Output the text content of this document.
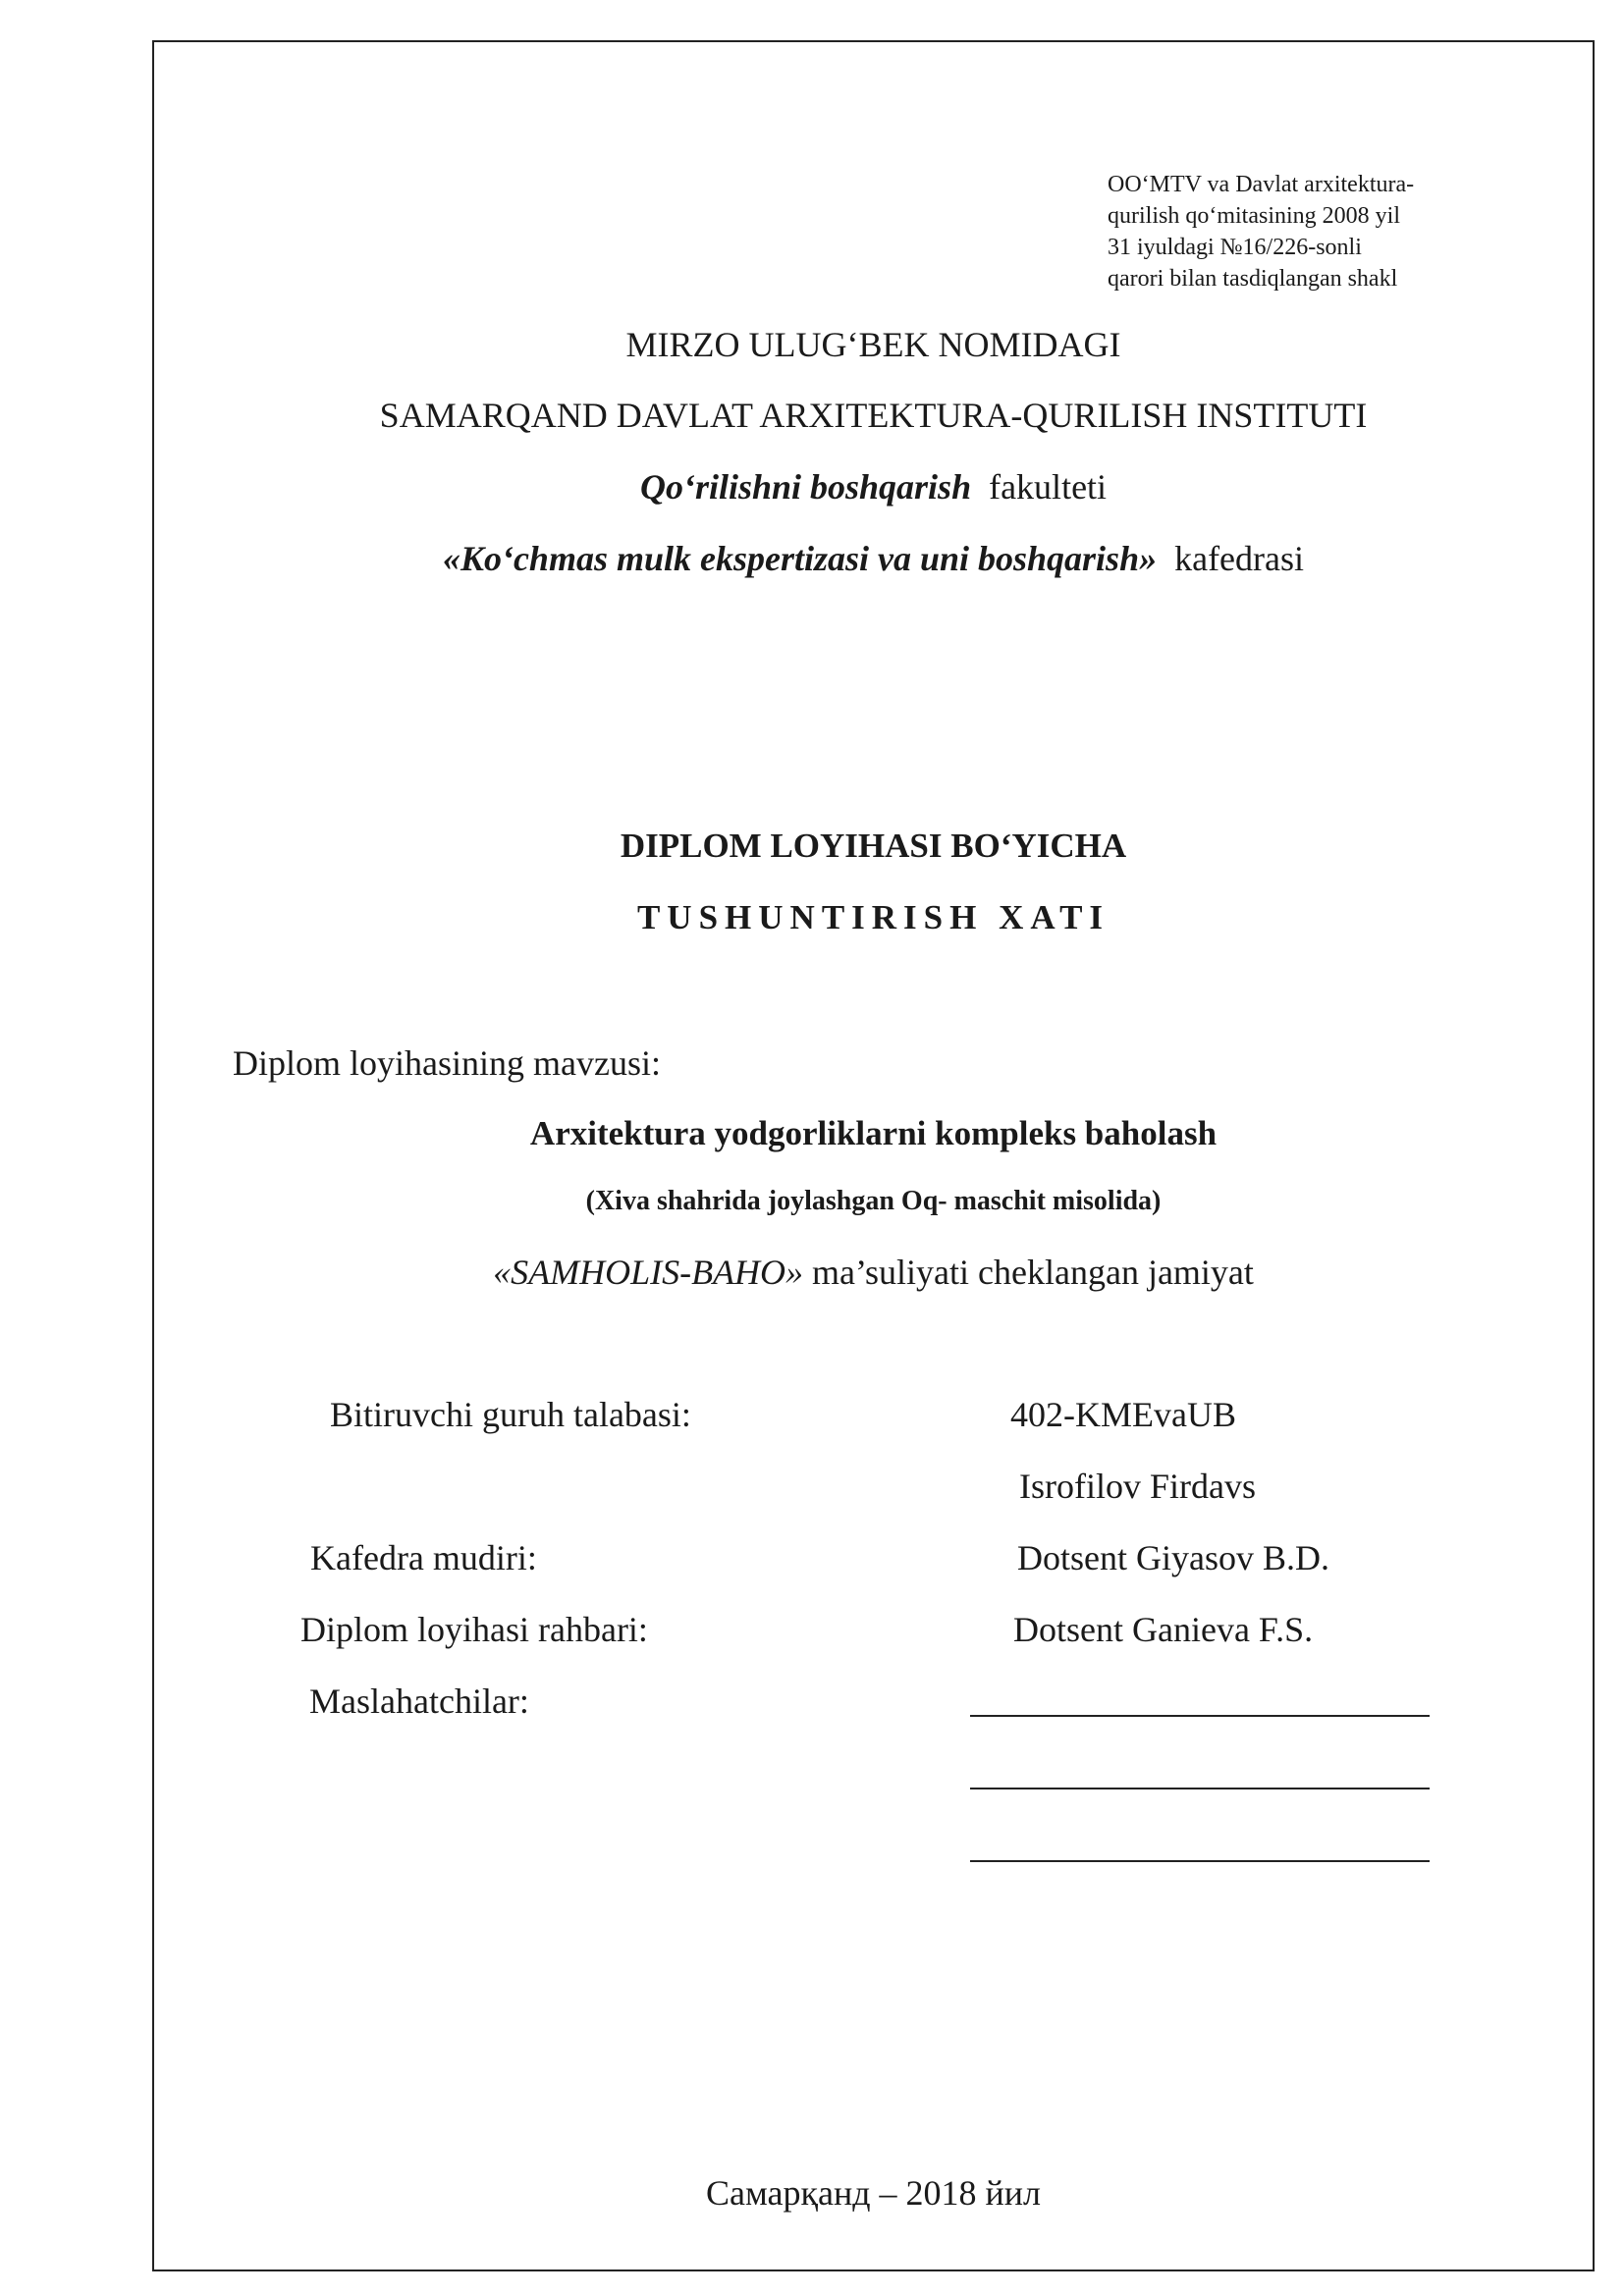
OO‘MTV va Davlat arxitektura-
qurilish qo‘mitasining 2008 yil
31 iyuldagi №16/226-sonli
qarori bilan tasdiqlangan shakl
MIRZO ULUG‘BEK NOMIDAGI
SAMARQAND DAVLAT ARXITEKTURA-QURILISH INSTITUTI
Qo‘rilishni boshqarish fakulteti
«Ko‘chmas mulk ekspertizasi va uni boshqarish» kafedrasi
DIPLOM LOYIHASI BO‘YICHA
TUSHUNTIRISH XATI
Diplom loyihasining mavzusi:
Arxitektura yodgorliklarni kompleks baholash
(Xiva shahrida joylashgan Oq- maschit misolida)
«SAMHOLIS-BAHO» ma’suliyati cheklangan jamiyat
Bitiruvchi guruh talabasi:	402-KMEvaUB
Isrofilov Firdavs
Kafedra mudiri:	Dotsent Giyasov B.D.
Diplom loyihasi rahbari:	Dotsent Ganieva F.S.
Maslahatchilar:
Самарқанд – 2018 йил
